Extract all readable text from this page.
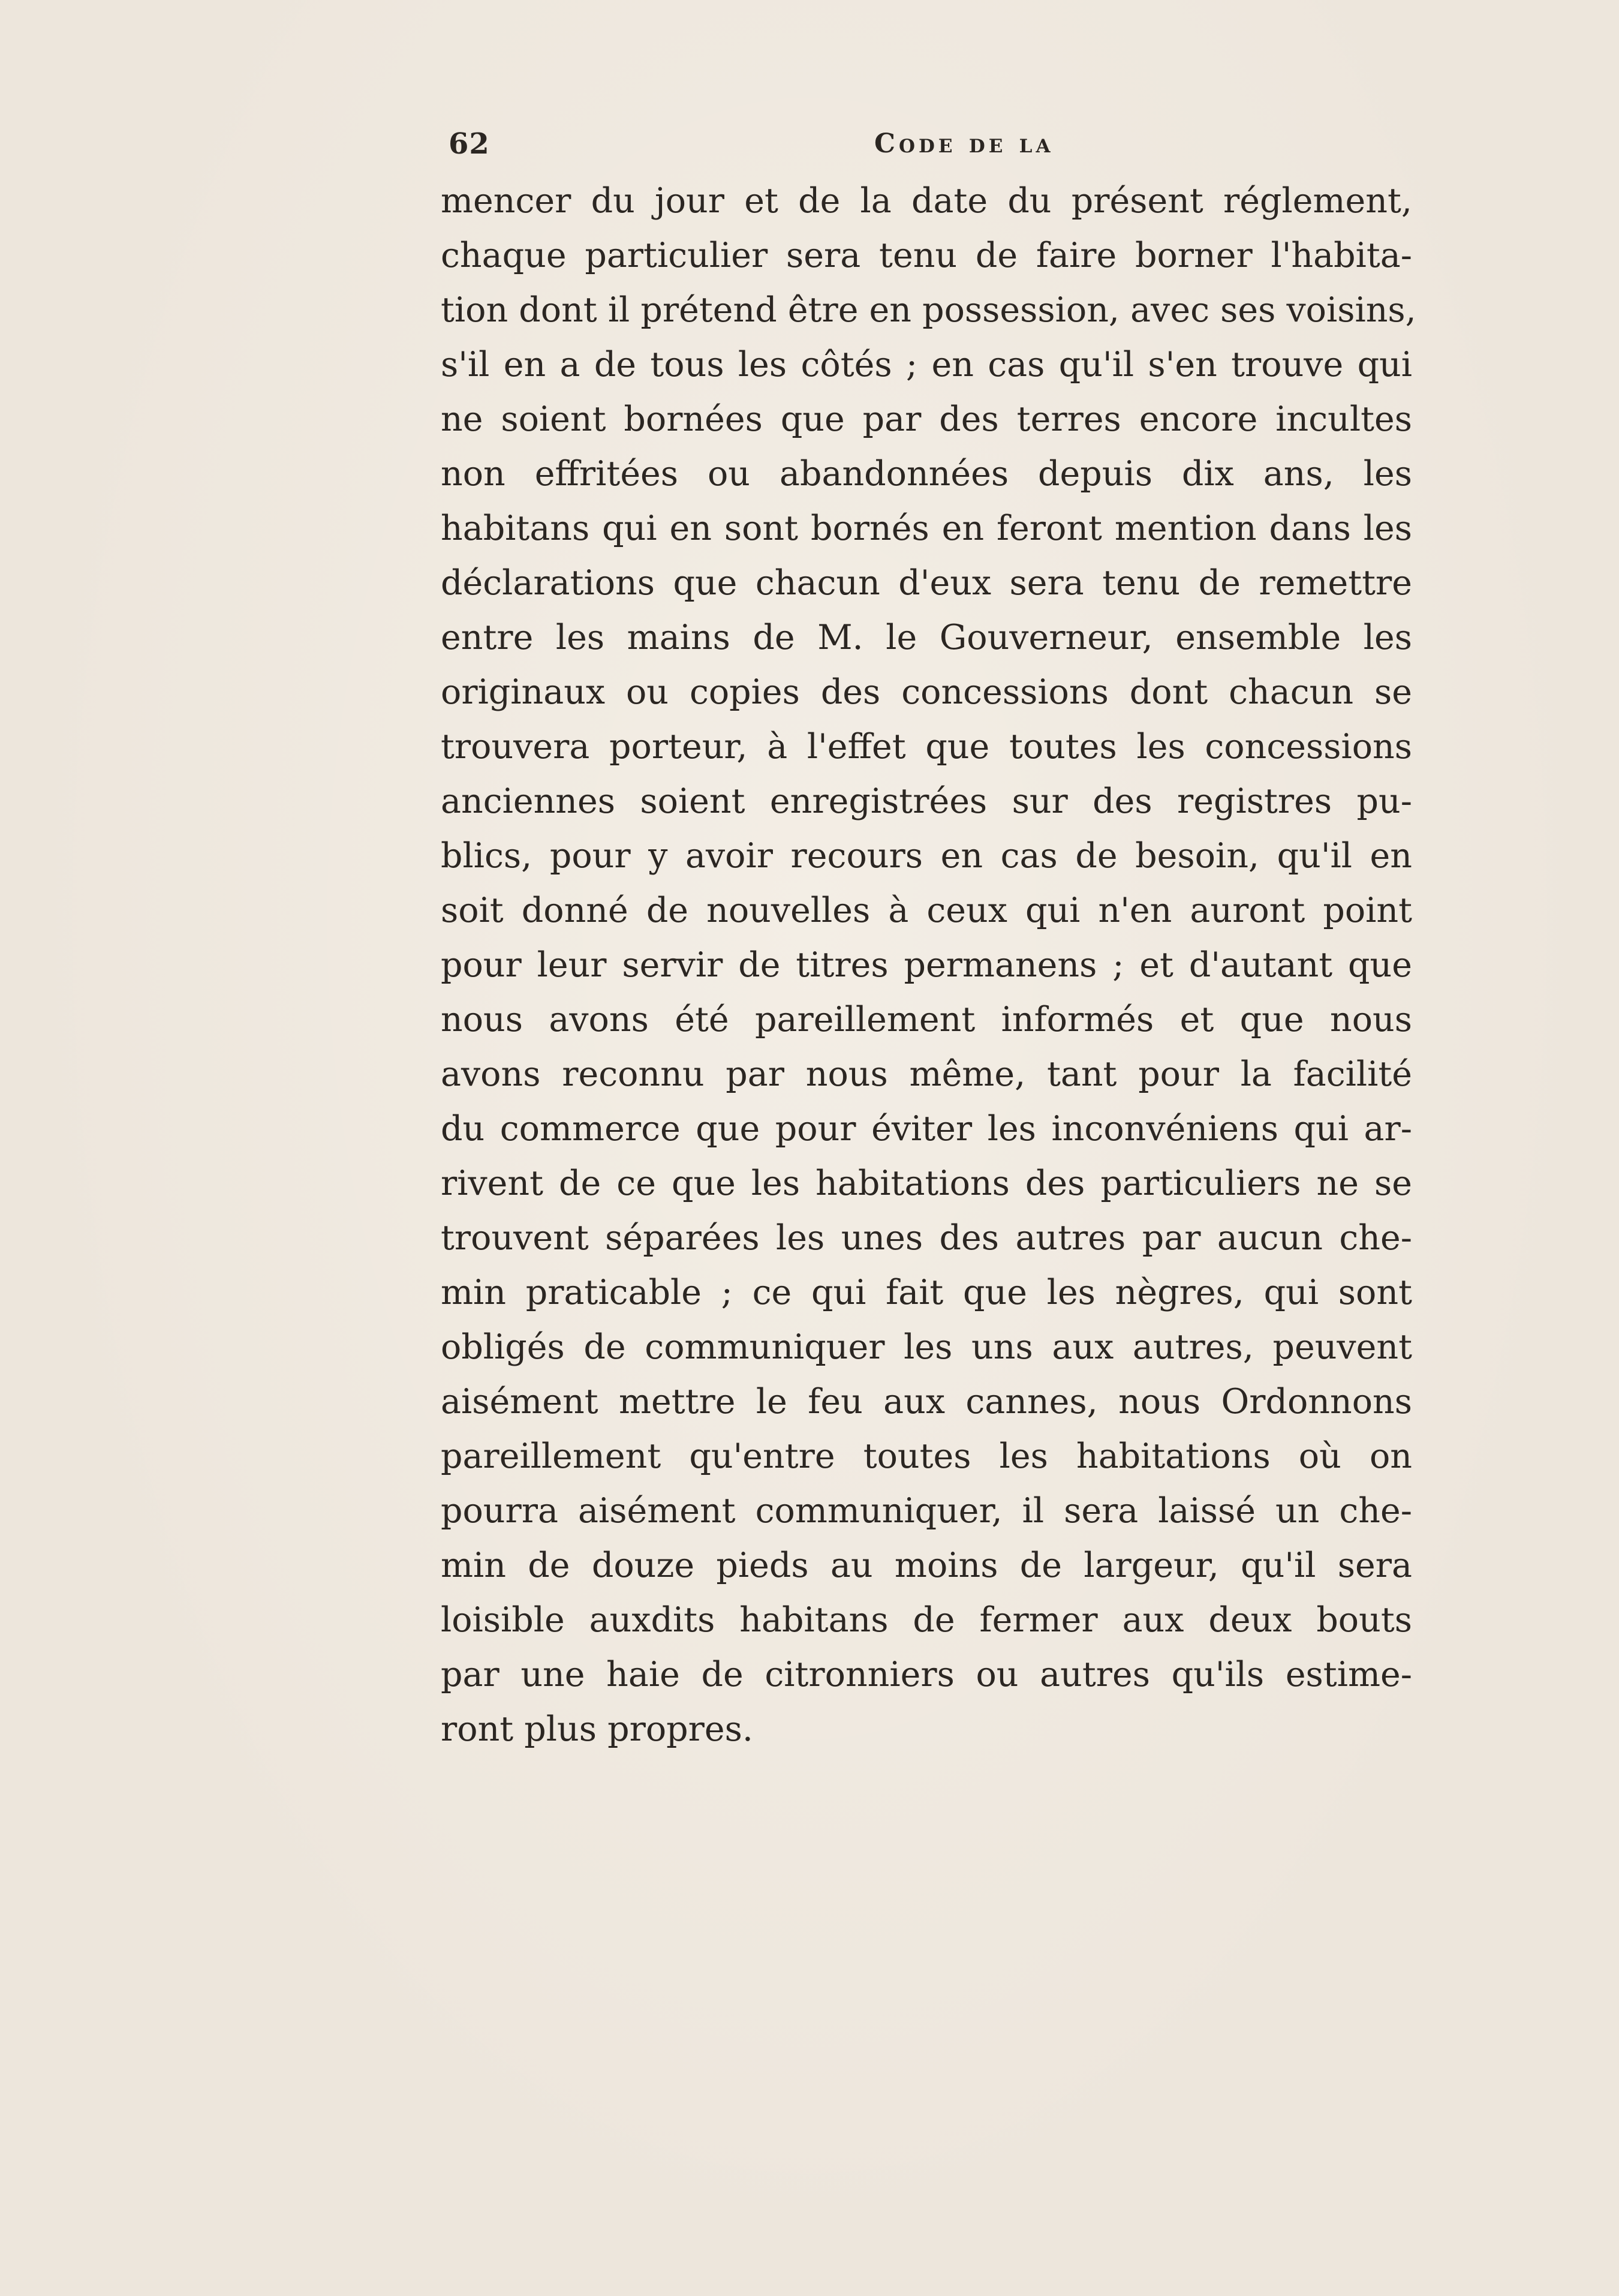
62	Code de la
mencer du jour et de la date du présent réglement,
chaque particulier sera tenu de faire borner l'habita-
tion dont il prétend être en possession, avec ses voisins,
s'il en a de tous les côtés ; en cas qu'il s'en trouve qui
ne soient bornées que par des terres encore incultes
non effritées ou abandonnées depuis dix ans, les
habitans qui en sont bornés en feront mention dans les
déclarations que chacun d'eux sera tenu de remettre
entre les mains de M. le Gouverneur, ensemble les
originaux ou copies des concessions dont chacun se
trouvera porteur, à l'effet que toutes les concessions
anciennes soient enregistrées sur des registres pu-
blics, pour y avoir recours en cas de besoin, qu'il en
soit donné de nouvelles à ceux qui n'en auront point
pour leur servir de titres permanens ; et d'autant que
nous avons été pareillement informés et que nous
avons reconnu par nous même, tant pour la facilité
du commerce que pour éviter les inconvéniens qui ar-
rivent de ce que les habitations des particuliers ne se
trouvent séparées les unes des autres par aucun che-
min praticable ; ce qui fait que les nègres, qui sont
obligés de communiquer les uns aux autres, peuvent
aisément mettre le feu aux cannes, nous Ordonnons
pareillement qu'entre toutes les habitations où on
pourra aisément communiquer, il sera laissé un che-
min de douze pieds au moins de largeur, qu'il sera
loisible auxdits habitans de fermer aux deux bouts
par une haie de citronniers ou autres qu'ils estime-
ront plus propres.
